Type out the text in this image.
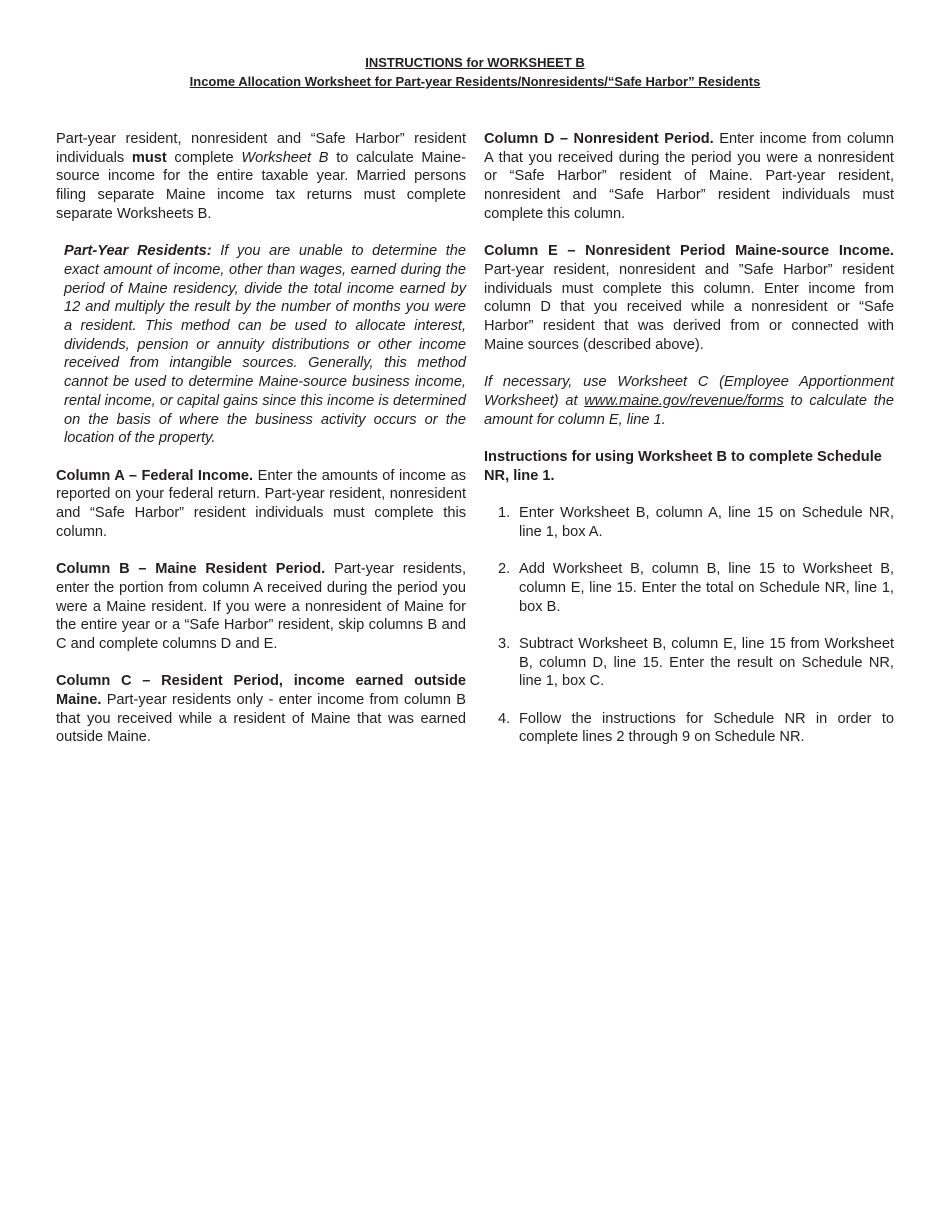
INSTRUCTIONS for WORKSHEET B
Income Allocation Worksheet for Part-year Residents/Nonresidents/“Safe Harbor” Residents

Part-year resident, nonresident and “Safe Harbor” resident individuals must complete Worksheet B to calculate Maine-source income for the entire taxable year. Married persons filing separate Maine income tax returns must complete separate Worksheets B.

Part-Year Residents: If you are unable to determine the exact amount of income, other than wages, earned during the period of Maine residency, divide the total income earned by 12 and multiply the result by the number of months you were a resident. This method can be used to allocate interest, dividends, pension or annuity distributions or other income received from intangible sources. Generally, this method cannot be used to determine Maine-source business income, rental income, or capital gains since this income is determined on the basis of where the business activity occurs or the location of the property.

Column A – Federal Income. Enter the amounts of income as reported on your federal return. Part-year resident, nonresident and “Safe Harbor” resident individuals must complete this column.

Column B – Maine Resident Period. Part-year residents, enter the portion from column A received during the period you were a Maine resident. If you were a nonresident of Maine for the entire year or a “Safe Harbor” resident, skip columns B and C and complete columns D and E.

Column C – Resident Period, income earned outside Maine. Part-year residents only - enter income from column B that you received while a resident of Maine that was earned outside Maine.

Column D – Nonresident Period. Enter income from column A that you received during the period you were a nonresident or “Safe Harbor” resident of Maine. Part-year resident, nonresident and “Safe Harbor” resident individuals must complete this column.

Column E – Nonresident Period Maine-source Income. Part-year resident, nonresident and ”Safe Harbor” resident individuals must complete this column. Enter income from column D that you received while a nonresident or “Safe Harbor” resident that was derived from or connected with Maine sources (described above).

If necessary, use Worksheet C (Employee Apportionment Worksheet) at www.maine.gov/revenue/forms to calculate the amount for column E, line 1.

Instructions for using Worksheet B to complete Schedule NR, line 1.

1. Enter Worksheet B, column A, line 15 on Schedule NR, line 1, box A.
2. Add Worksheet B, column B, line 15 to Worksheet B, column E, line 15. Enter the total on Schedule NR, line 1, box B.
3. Subtract Worksheet B, column E, line 15 from Worksheet B, column D, line 15. Enter the result on Schedule NR, line 1, box C.
4. Follow the instructions for Schedule NR in order to complete lines 2 through 9 on Schedule NR.
